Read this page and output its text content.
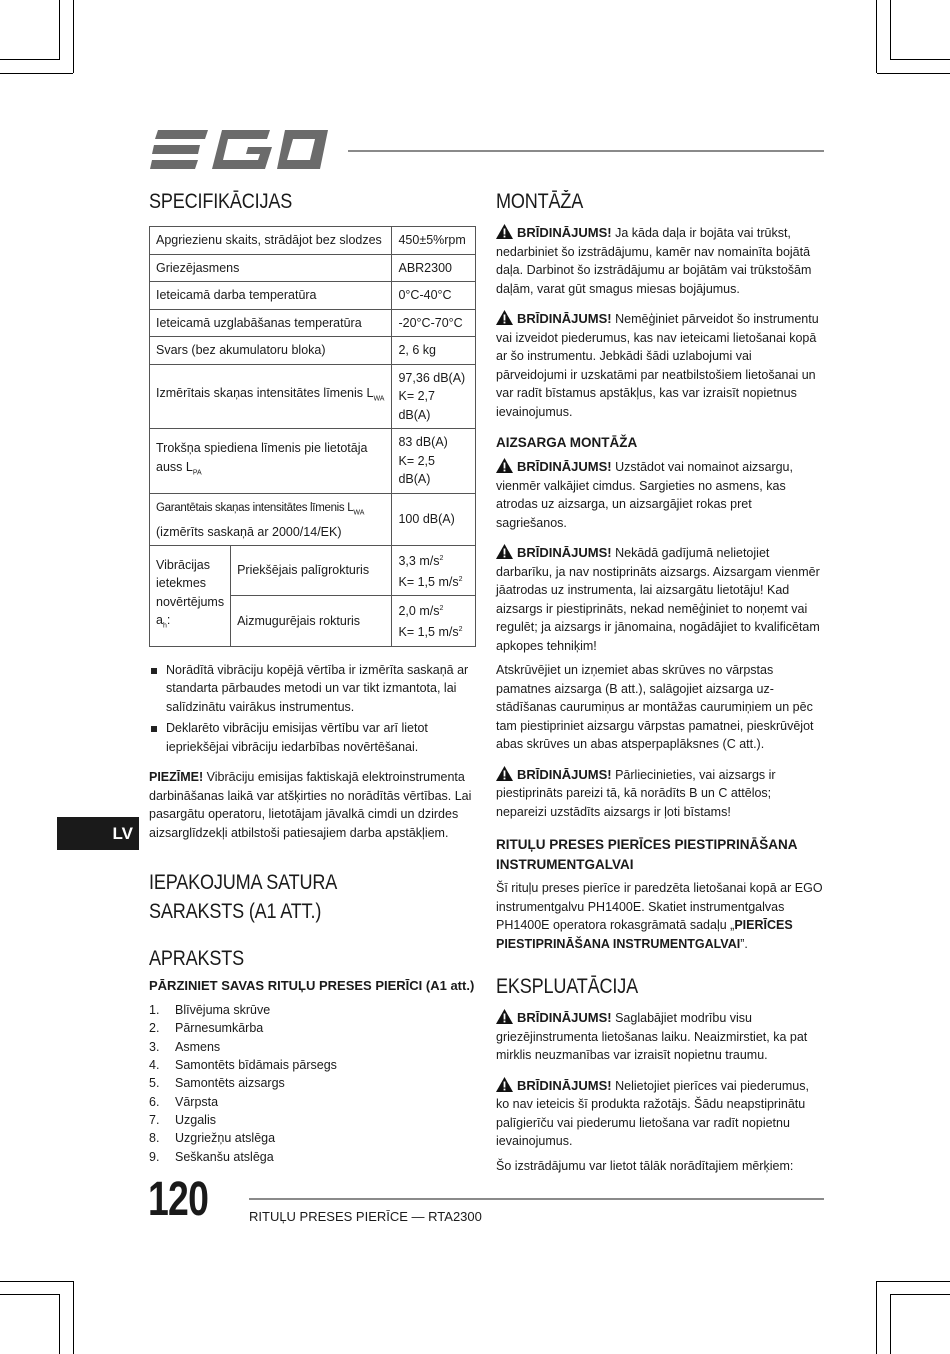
SPECIFIKĀCIJAS
Apgriezienu skaits, strādājot bez slodzes		450±5%rpm
Griezējasmens		ABR2300
Ieteicamā darba temperatūra		0°C-40°C
Ieteicamā uzglabāšanas temperatūra		-20°C-70°C
Svars (bez akumulatoru bloka)		2, 6 kg
Izmērītais skaņas intensitātes līmenis $L_{WA}$		97,36 dB(A)
K= 2,7 dB(A)
Trokšņa spiediena līmenis pie lietotāja auss $L_{PA}$		83 dB(A)
K= 2,5 dB(A)
Garantētais skaņas intensitātes līmenis $L_{WA}$
(izmērīts saskaņā ar 2000/14/EK)		100 dB(A)
Vibrācijas ietekmes novērtējums $a_h$:	Priekšējais palīgrokturis	3,3 $m/s^2$
K= 1,5 $m/s^2$
	Aizmugurējais rokturis	2,0 $m/s^2$
K= 1,5 $m/s^2$
Norādītā vibrāciju kopējā vērtība ir izmērīta saskaņā ar standarta pārbaudes metodi un var tikt izmantota, lai salīdzinātu vairākus instrumentus.
Deklarēto vibrāciju emisijas vērtību var arī lietot iepriekšējai vibrāciju iedarbības novērtēšanai.

PIEZĪME! Vibrāciju emisijas faktiskajā elektroinstrumenta darbināšanas laikā var atšķirties no norādītās vērtības. Lai pasargātu operatoru, lietotājam jāvalkā cimdi un dzirdes aizsarglīdzekļi atbilstoši patiesajiem darba apstākļiem.

IEPAKOJUMA SATURA
SARAKSTS (A1 ATT.)
APRAKSTS
PĀRZINIET SAVAS RITUĻU PRESES PIERĪCI (A1 att.)
1.	Blīvējuma skrūve
2.	Pārnesumkārba
3.	Asmens
4.	Samontēts bīdāmais pārsegs
5.	Samontēts aizsargs
6.	Vārpsta
7.	Uzgalis
8.	Uzgriežņu atslēga
9.	Seškanšu atslēga
MONTĀŽA

BRĪDINĀJUMS! Ja kāda daļa ir bojāta vai trūkst, nedarbiniet šo izstrādājumu, kamēr nav nomainīta bojātā daļa. Darbinot šo izstrādājumu ar bojātām vai trūkstošām daļām, varat gūt smagus miesas bojājumus.

BRĪDINĀJUMS! Nemēģiniet pārveidot šo instrumentu vai izveidot piederumus, kas nav ieteicami lietošanai kopā ar šo instrumentu. Jebkādi šādi uzlabojumi vai pārveidojumi ir uzskatāmi par neatbilstošiem lietošanai un var radīt bīstamus apstākļus, kas var izraisīt nopietnus ievainojumus.

AIZSARGA MONTĀŽA

BRĪDINĀJUMS! Uzstādot vai nomainot aizsargu, vienmēr valkājiet cimdus. Sargieties no asmens, kas atrodas uz aizsarga, un aizsargājiet rokas pret sagriešanos.

BRĪDINĀJUMS! Nekādā gadījumā nelietojiet darbarīku, ja nav nostiprināts aizsargs. Aizsargam vienmēr jāatrodas uz instrumenta, lai aizsargātu lietotāju! Kad aizsargs ir piestiprināts, nekad nemēģiniet to noņemt vai regulēt; ja aizsargs ir jānomaina, nogādājiet to kvalificētam apkopes tehniķim!

Atskrūvējiet un izņemiet abas skrūves no vārpstas pamatnes aizsarga (B att.), salāgojiet aizsarga uz-stādīšanas caurumiņus ar montāžas caurumiņiem un pēc tam piestipriniet aizsargu vārpstas pamatnei, pieskrūvējot abas skrūves un abas atsperpaplāksnes (C att.).

BRĪDINĀJUMS! Pārliecinieties, vai aizsargs ir piestiprināts pareizi tā, kā norādīts B un C attēlos; nepareizi uzstādīts aizsargs ir ļoti bīstams!

RITUĻU PRESES PIERĪCES PIESTIPRINĀŠANA INSTRUMENTGALVAI

Šī rituļu preses pierīce ir paredzēta lietošanai kopā ar EGO instrumentgalvu PH1400E. Skatiet instrumentgalvas PH1400E operatora rokasgrāmatā sadaļu „PIERĪCES PIESTIPRINĀŠANA INSTRUMENTGALVAI”.

EKSPLUATĀCIJA

BRĪDINĀJUMS! Saglabājiet modrību visu griezējinstrumenta lietošanas laiku. Neaizmirstiet, ka pat mirklis neuzmanības var izraisīt nopietnu traumu.

BRĪDINĀJUMS! Nelietojiet pierīces vai piederumus, ko nav ieteicis šī produkta ražotājs. Šādu neapstiprinātu palīgierīču vai piederumu lietošana var radīt nopietnu ievainojumus.

Šo izstrādājumu var lietot tālāk norādītajiem mērķiem:

LV
120	RITUĻU PRESES PIERĪCE — RTA2300
